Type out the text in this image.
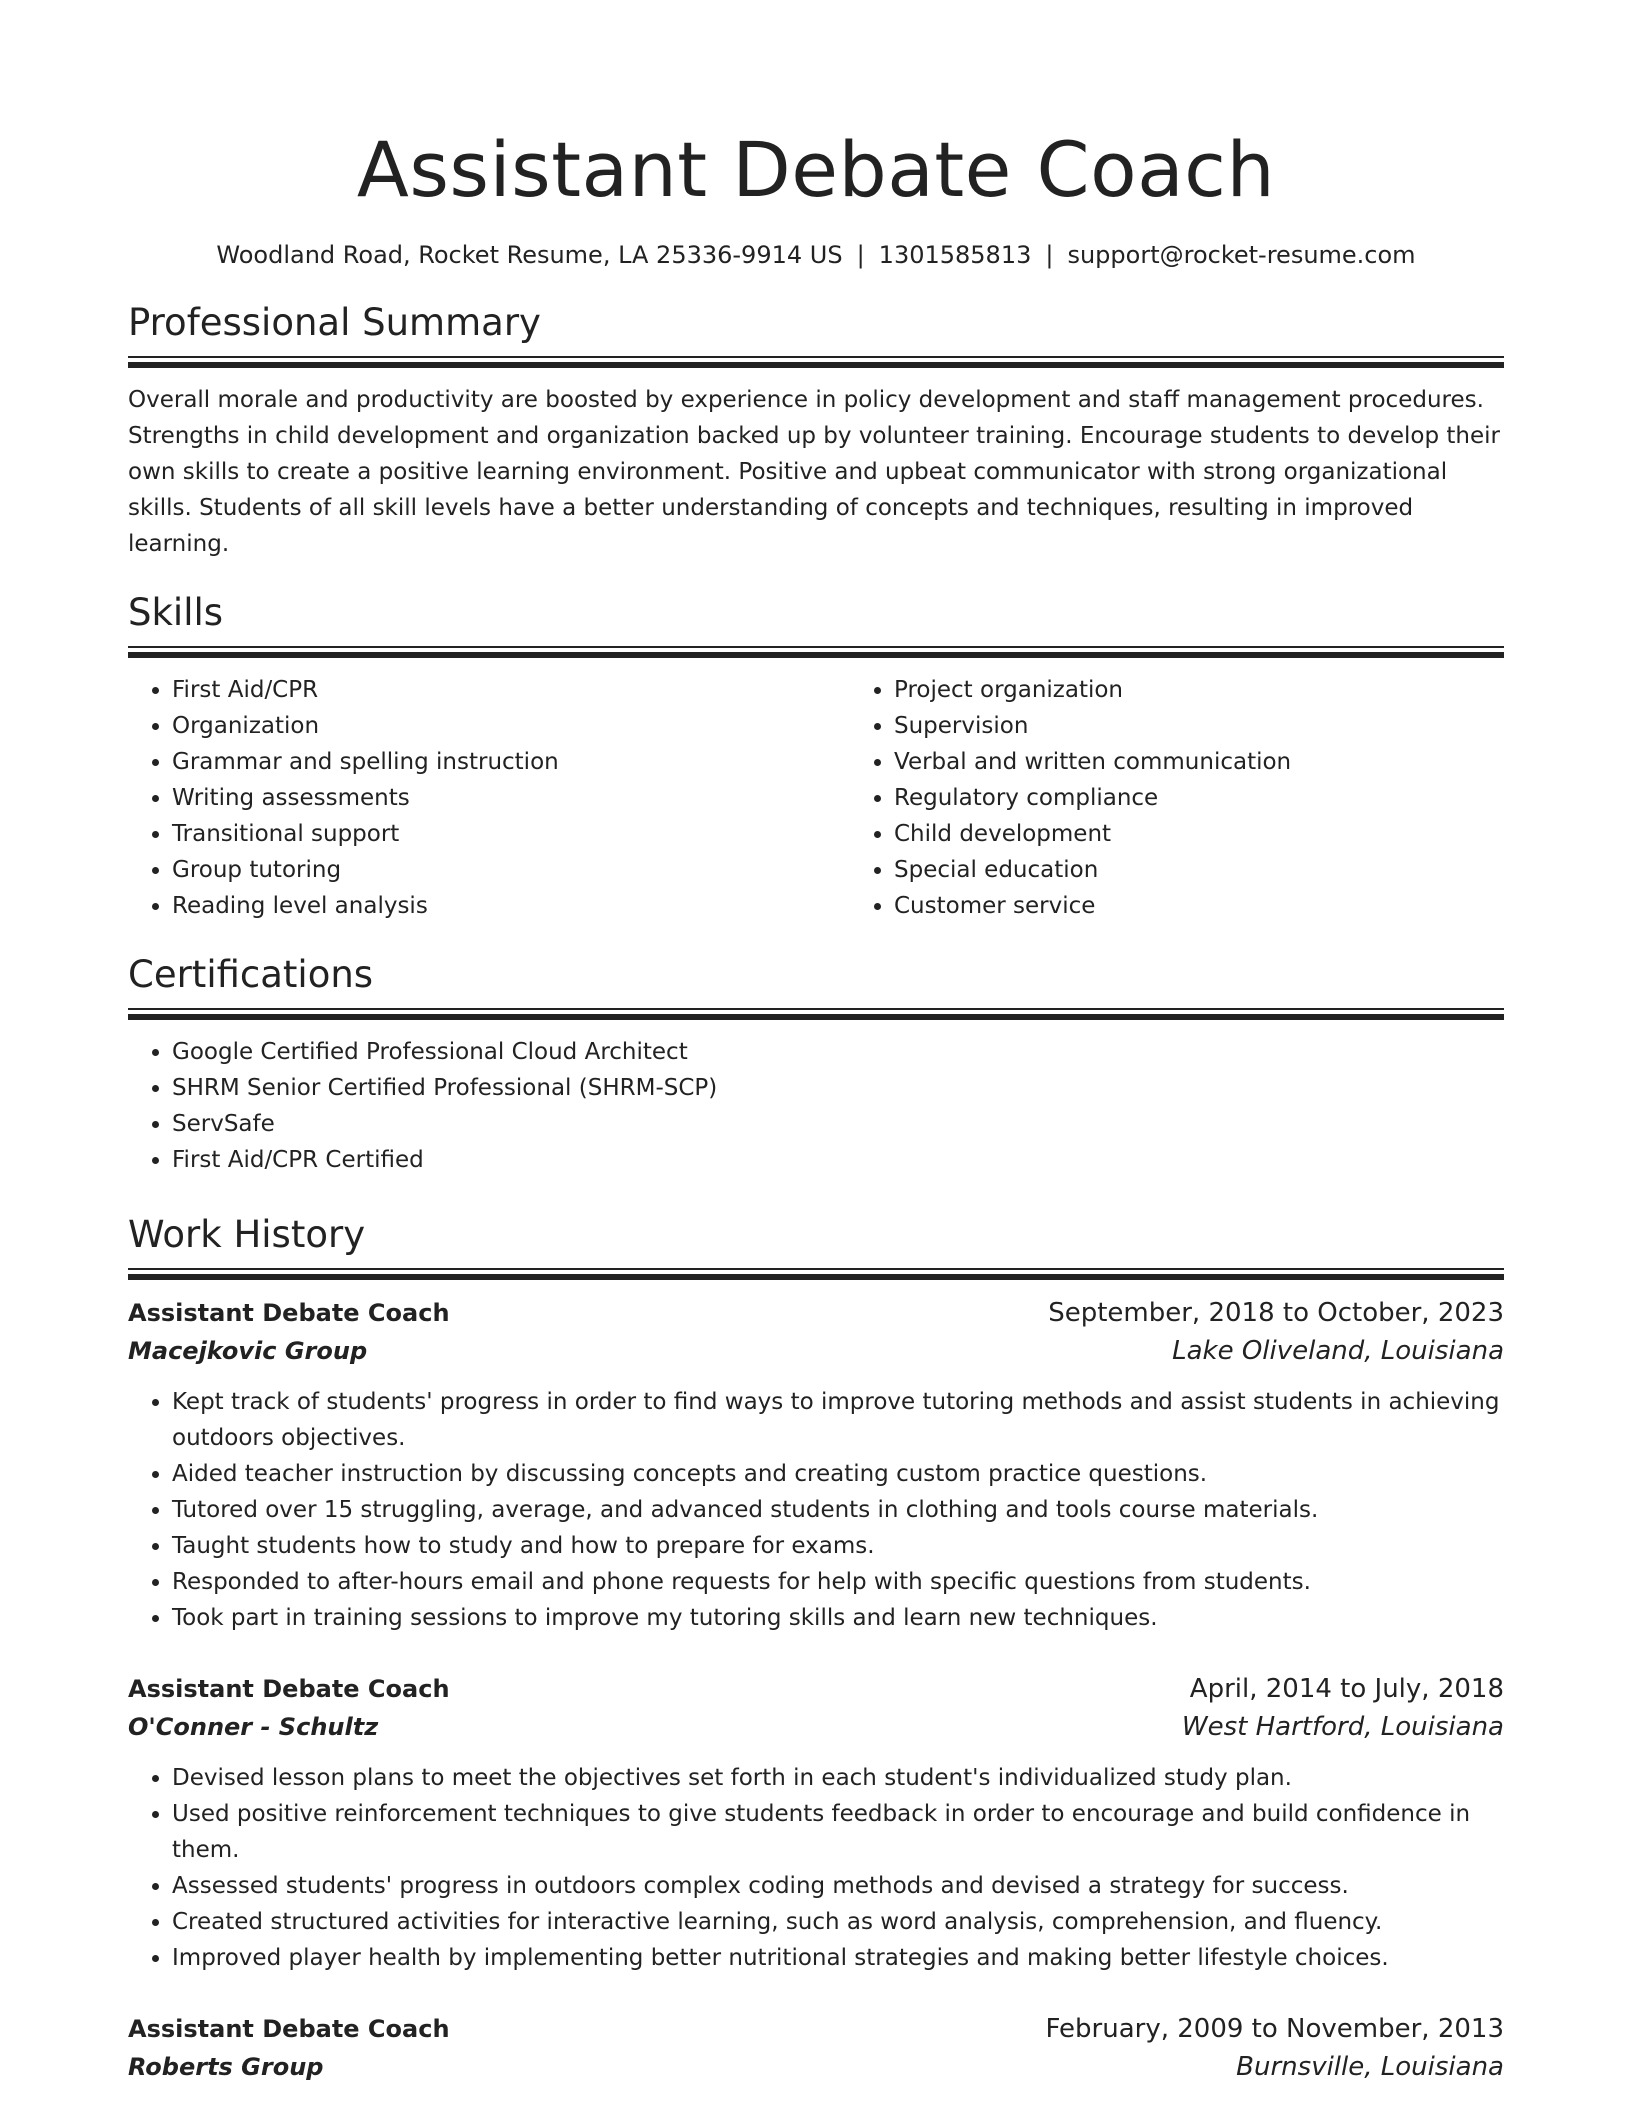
Assistant Debate Coach
Woodland Road, Rocket Resume, LA 25336-9914 US | 1301585813 | support@rocket-resume.com
Professional Summary

Overall morale and productivity are boosted by experience in policy development and staff management procedures. Strengths in child development and organization backed up by volunteer training. Encourage students to develop their own skills to create a positive learning environment. Positive and upbeat communicator with strong organizational skills. Students of all skill levels have a better understanding of concepts and techniques, resulting in improved learning.

Skills
• First Aid/CPR
• Organization
• Grammar and spelling instruction
• Writing assessments
• Transitional support
• Group tutoring
• Reading level analysis
• Project organization
• Supervision
• Verbal and written communication
• Regulatory compliance
• Child development
• Special education
• Customer service
Certifications
• Google Certified Professional Cloud Architect
• SHRM Senior Certified Professional (SHRM-SCP)
• ServSafe
• First Aid/CPR Certified
Work History
Assistant Debate Coach	September, 2018 to October, 2023
Macejkovic Group	Lake Oliveland, Louisiana
• Kept track of students' progress in order to find ways to improve tutoring methods and assist students in achieving outdoors objectives.
• Aided teacher instruction by discussing concepts and creating custom practice questions.
• Tutored over 15 struggling, average, and advanced students in clothing and tools course materials.
• Taught students how to study and how to prepare for exams.
• Responded to after-hours email and phone requests for help with specific questions from students.
• Took part in training sessions to improve my tutoring skills and learn new techniques.
Assistant Debate Coach	April, 2014 to July, 2018
O'Conner - Schultz	West Hartford, Louisiana
• Devised lesson plans to meet the objectives set forth in each student's individualized study plan.
• Used positive reinforcement techniques to give students feedback in order to encourage and build confidence in them.
• Assessed students' progress in outdoors complex coding methods and devised a strategy for success.
• Created structured activities for interactive learning, such as word analysis, comprehension, and fluency.
• Improved player health by implementing better nutritional strategies and making better lifestyle choices.
Assistant Debate Coach	February, 2009 to November, 2013
Roberts Group	Burnsville, Louisiana
